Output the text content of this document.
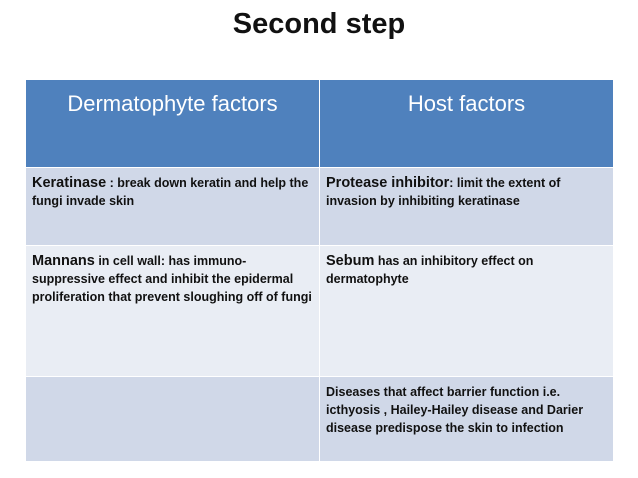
Second step
Dermatophyte factors	Host factors

Keratinase : break down keratin and help the fungi invade skin	Protease inhibitor: limit the extent of invasion by inhibiting keratinase

Mannans in cell wall: has immuno-suppressive effect and inhibit the epidermal proliferation that prevent sloughing off of fungi	Sebum has an inhibitory effect on dermatophyte

	Diseases that affect barrier function i.e. icthyosis , Hailey-Hailey disease and Darier disease predispose the skin to infection
